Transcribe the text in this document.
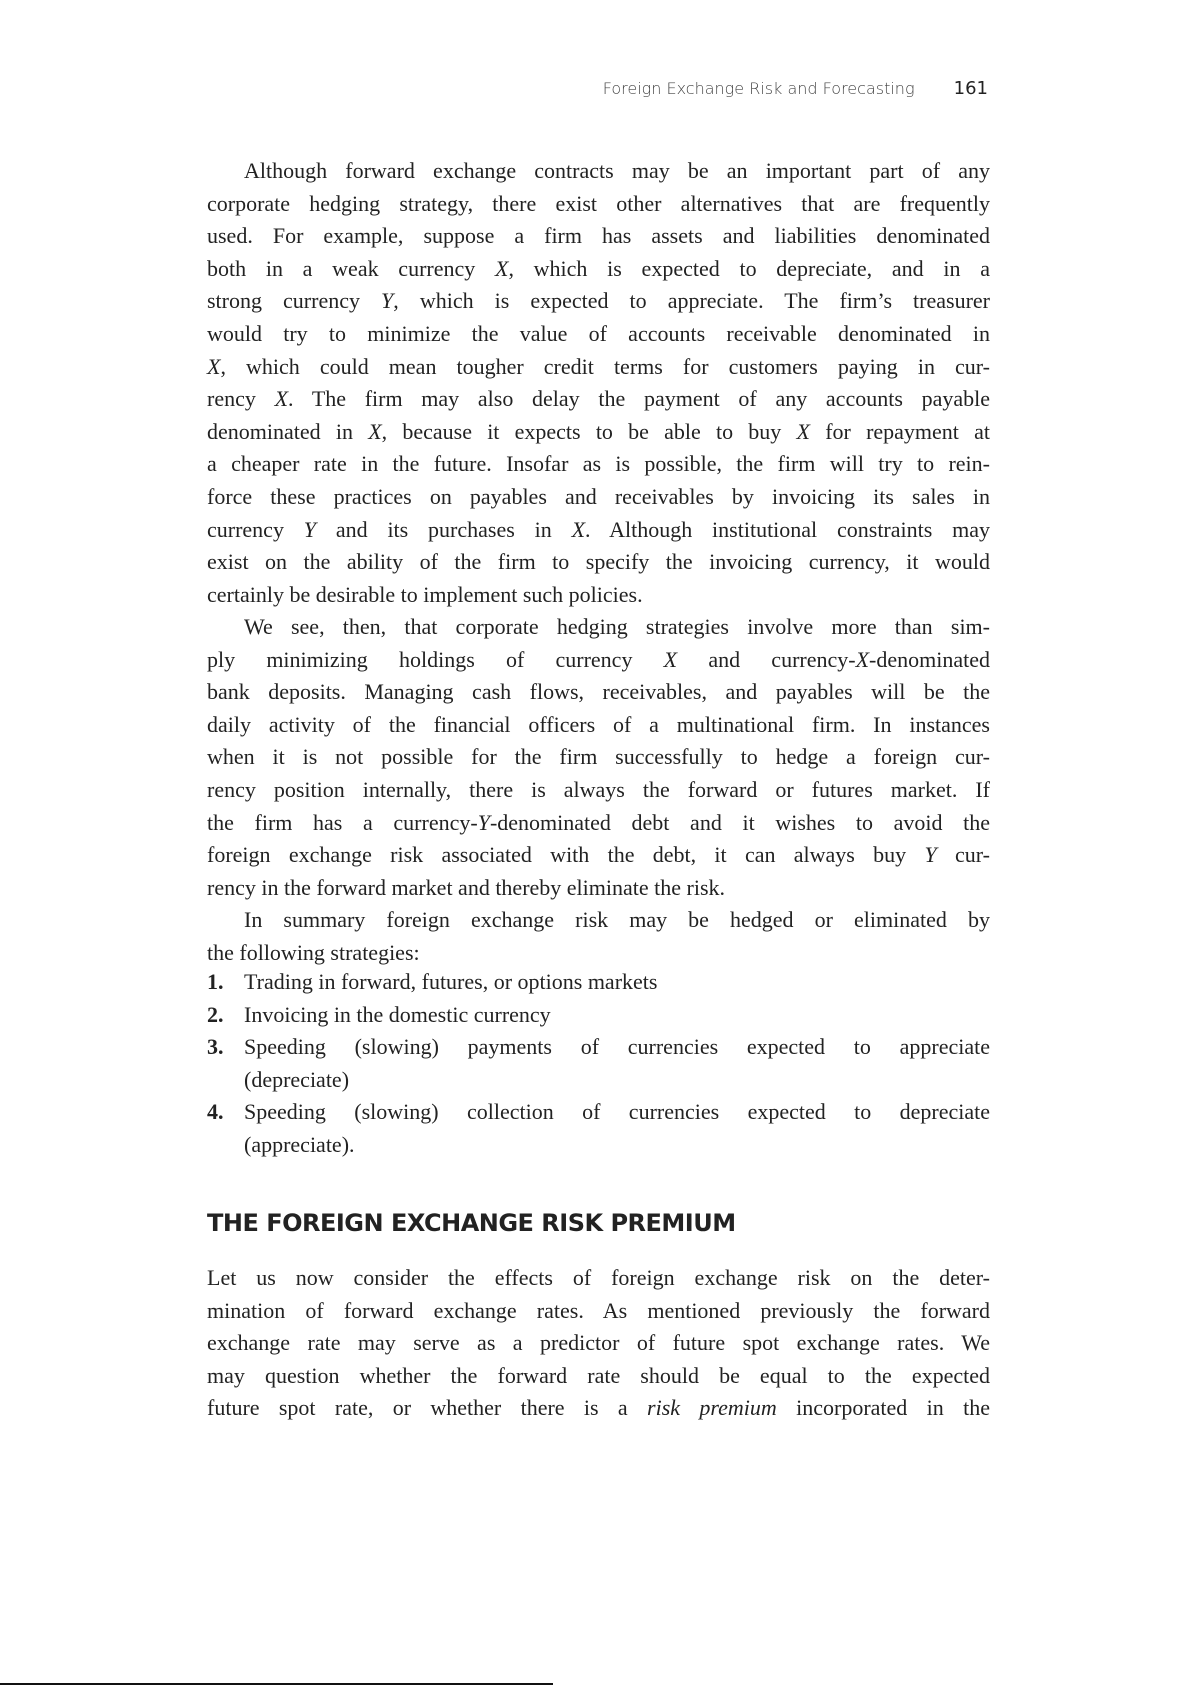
Foreign Exchange Risk and Forecasting 161
Although forward exchange contracts may be an important part of any
corporate hedging strategy, there exist other alternatives that are frequently
used. For example, suppose a firm has assets and liabilities denominated
both in a weak currency X, which is expected to depreciate, and in a
strong currency Y, which is expected to appreciate. The firm’s treasurer
would try to minimize the value of accounts receivable denominated in
X, which could mean tougher credit terms for customers paying in cur-
rency X. The firm may also delay the payment of any accounts payable
denominated in X, because it expects to be able to buy X for repayment at
a cheaper rate in the future. Insofar as is possible, the firm will try to rein-
force these practices on payables and receivables by invoicing its sales in
currency Y and its purchases in X. Although institutional constraints may
exist on the ability of the firm to specify the invoicing currency, it would
certainly be desirable to implement such policies.
We see, then, that corporate hedging strategies involve more than sim-
ply minimizing holdings of currency X and currency-X-denominated
bank deposits. Managing cash flows, receivables, and payables will be the
daily activity of the financial officers of a multinational firm. In instances
when it is not possible for the firm successfully to hedge a foreign cur-
rency position internally, there is always the forward or futures market. If
the firm has a currency-Y-denominated debt and it wishes to avoid the
foreign exchange risk associated with the debt, it can always buy Y cur-
rency in the forward market and thereby eliminate the risk.
In summary foreign exchange risk may be hedged or eliminated by
the following strategies:
1. Trading in forward, futures, or options markets
2. Invoicing in the domestic currency
3. Speeding (slowing) payments of currencies expected to appreciate
(depreciate)
4. Speeding (slowing) collection of currencies expected to depreciate
(appreciate).
THE FOREIGN EXCHANGE RISK PREMIUM
Let us now consider the effects of foreign exchange risk on the deter-
mination of forward exchange rates. As mentioned previously the forward
exchange rate may serve as a predictor of future spot exchange rates. We
may question whether the forward rate should be equal to the expected
future spot rate, or whether there is a risk premium incorporated in the
